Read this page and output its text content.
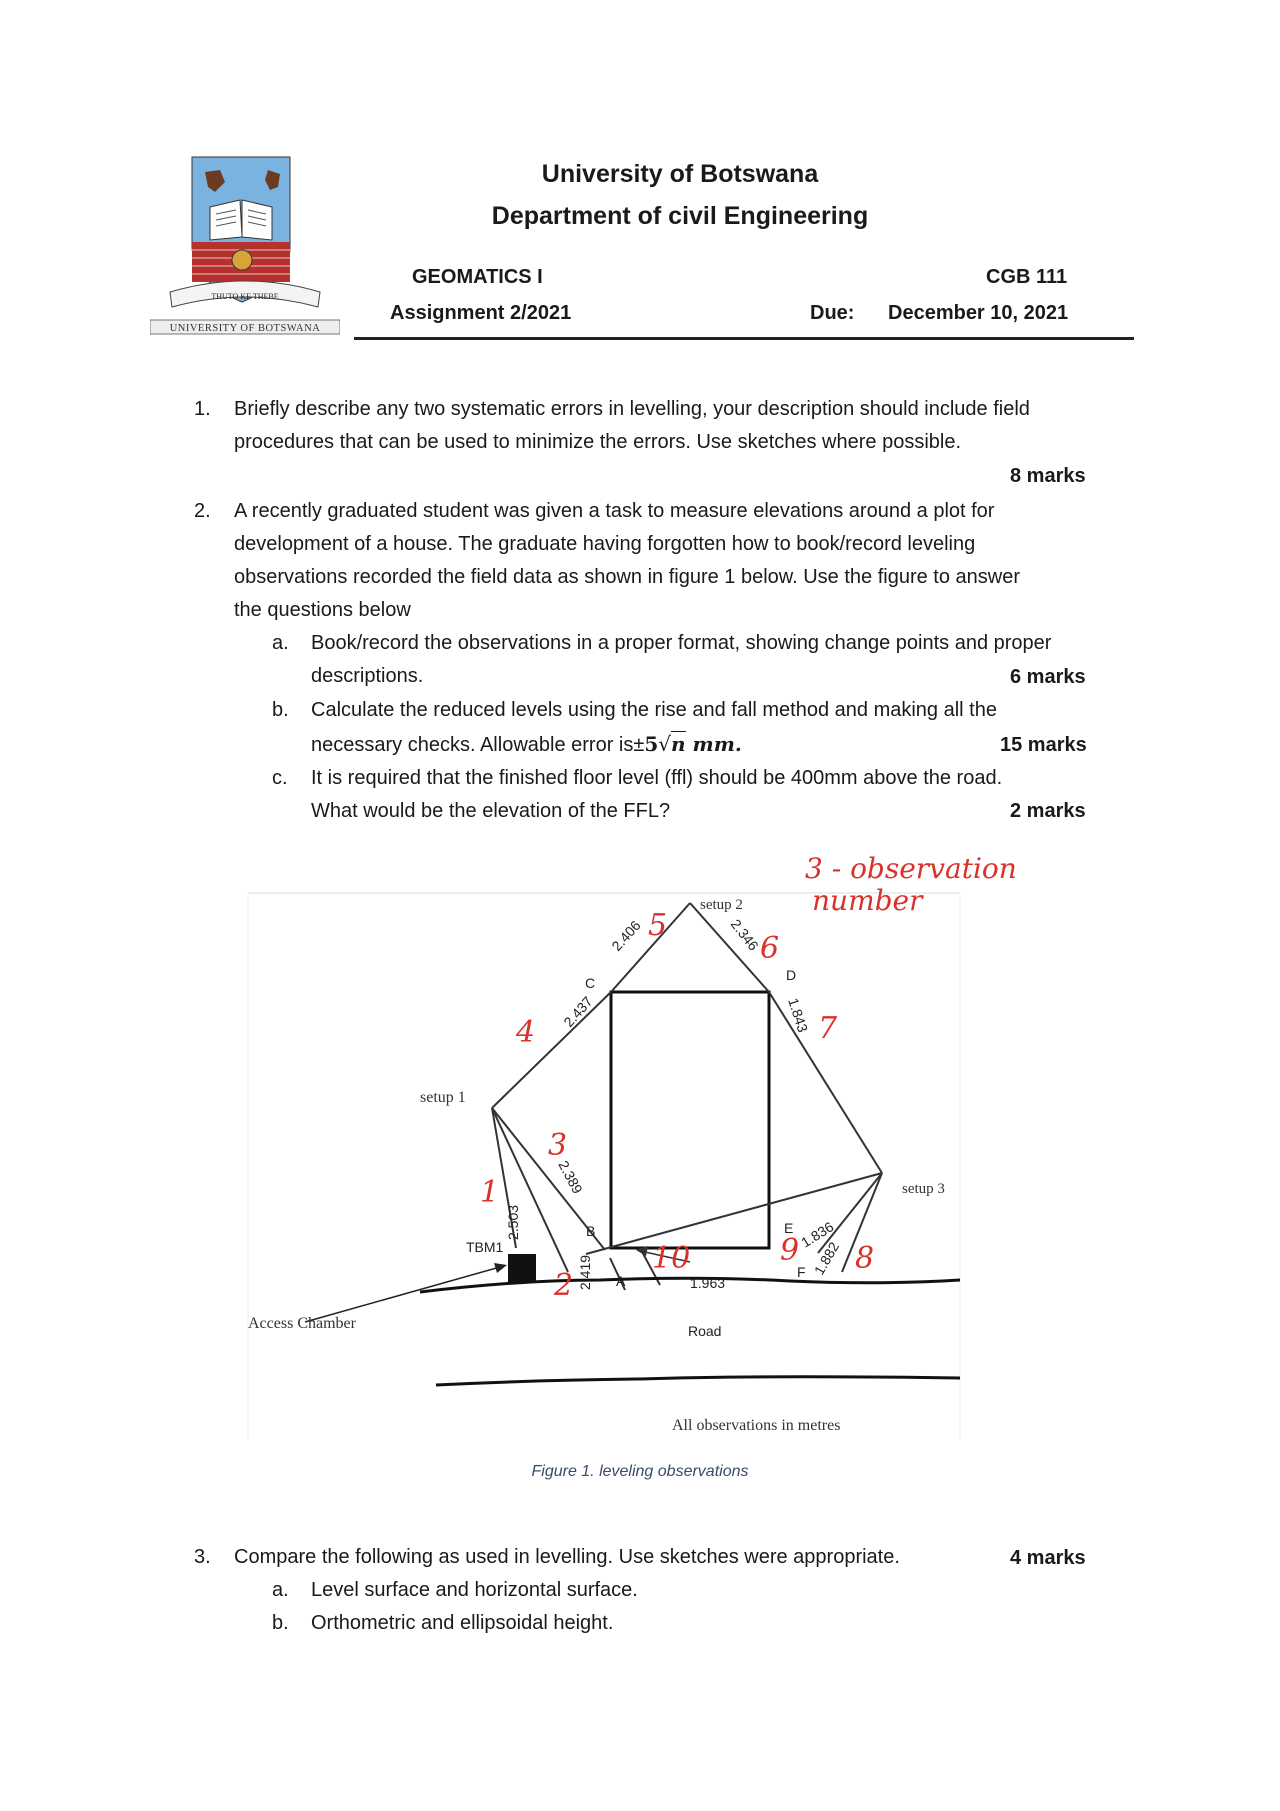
THUTO KE THEBE
UNIVERSITY OF BOTSWANA
University of Botswana
Department of civil Engineering
GEOMATICS I	CGB 111
Assignment 2/2021	Due: December 10, 2021
1. Briefly describe any two systematic errors in levelling, your description should include field
procedures that can be used to minimize the errors. Use sketches where possible.
8 marks
2. A recently graduated student was given a task to measure elevations around a plot for
development of a house. The graduate having forgotten how to book/record leveling
observations recorded the field data as shown in figure 1 below. Use the figure to answer
the questions below
a. Book/record the observations in a proper format, showing change points and proper
descriptions.	6 marks
b. Calculate the reduced levels using the rise and fall method and making all the
necessary checks. Allowable error is±5√n mm.	15 marks
c. It is required that the finished floor level (ffl) should be 400mm above the road.
What would be the elevation of the FFL?	2 marks
3 - observation
number
setup 1
setup 2
setup 3
TBM1
Access Chamber	Road
All observations in metres
C	D
B
A
E
F
2.503
2.419
2.389
2.437
2.406	2.346
1.843
1.882
1.836
1.963
1
2
3
4
5
6
7
8
9
10
Figure 1. leveling observations
3. Compare the following as used in levelling. Use sketches were appropriate.	4 marks
a. Level surface and horizontal surface.
b. Orthometric and ellipsoidal height.
